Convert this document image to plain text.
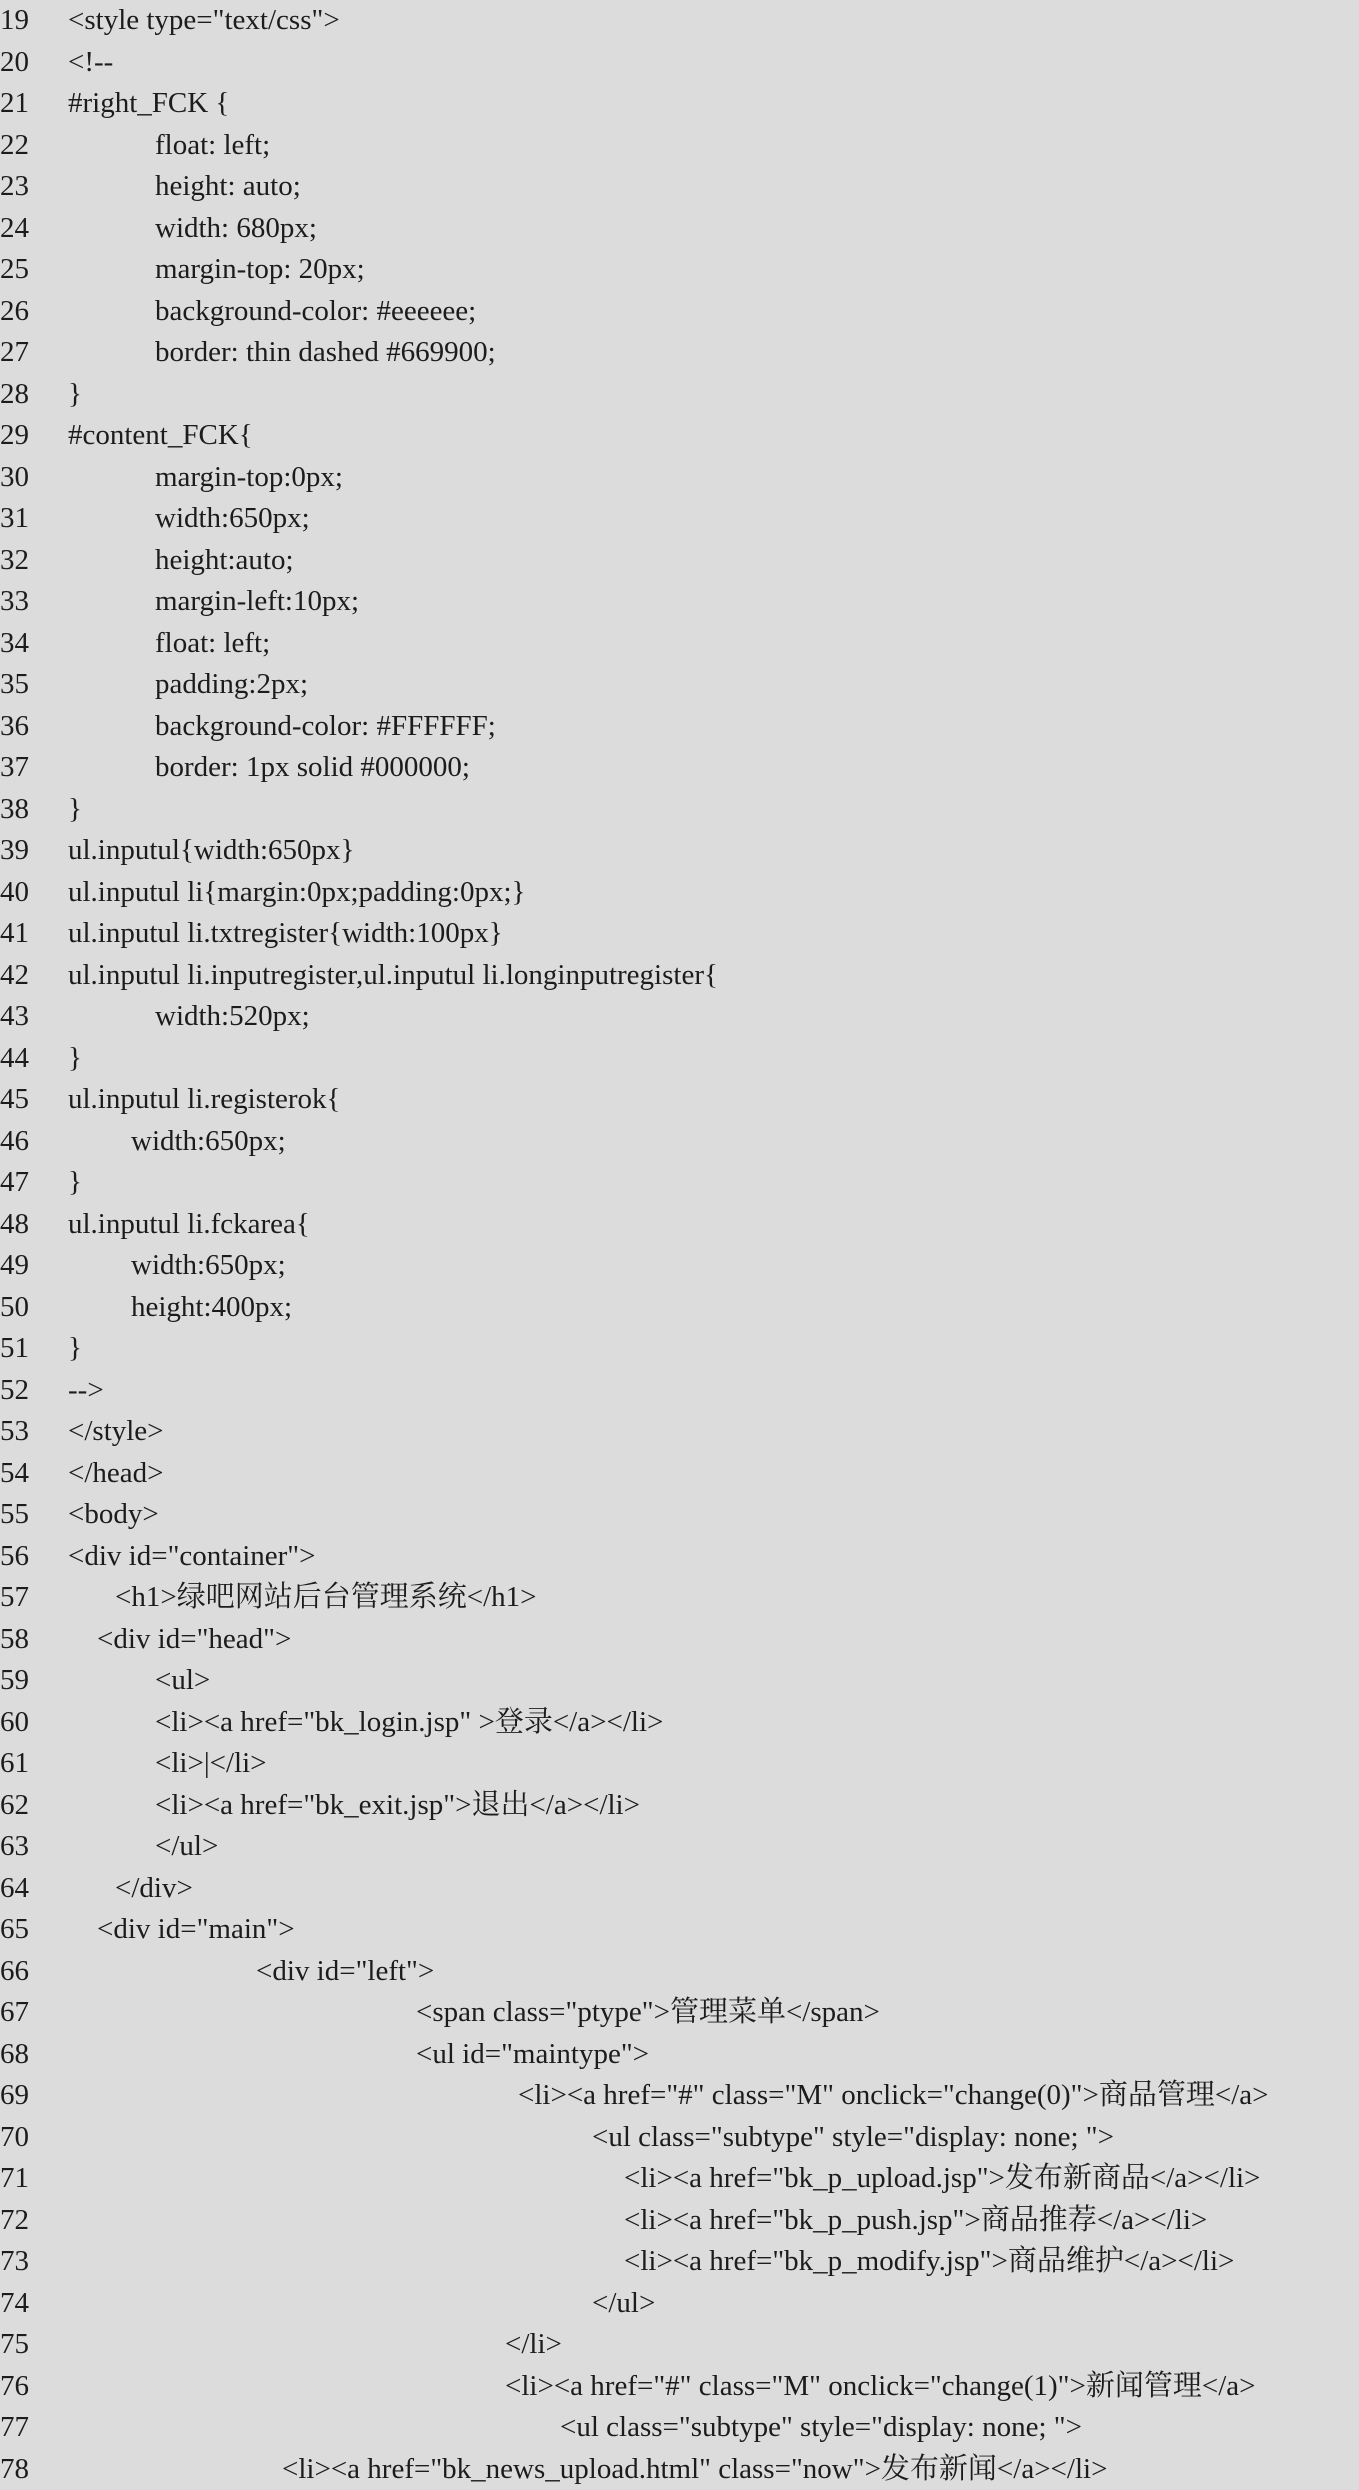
19	<style type="text/css">
20	<!--
21	#right_FCK {
22	float: left;
23	height: auto;
24	width: 680px;
25	margin-top: 20px;
26	background-color: #eeeeee;
27	border: thin dashed #669900;
28	}
29	#content_FCK{
30	margin-top:0px;
31	width:650px;
32	height:auto;
33	margin-left:10px;
34	float: left;
35	padding:2px;
36	background-color: #FFFFFF;
37	border: 1px solid #000000;
38	}
39	ul.inputul{width:650px}
40	ul.inputul li{margin:0px;padding:0px;}
41	ul.inputul li.txtregister{width:100px}
42	ul.inputul li.inputregister,ul.inputul li.longinputregister{
43	width:520px;
44	}
45	ul.inputul li.registerok{
46	width:650px;
47	}
48	ul.inputul li.fckarea{
49	width:650px;
50	height:400px;
51	}
52	-->
53	</style>
54	</head>
55	<body>
56	<div id="container">
57	<h1>绿吧网站后台管理系统</h1>
58	<div id="head">
59	<ul>
60	<li><a href="bk_login.jsp" >登录</a></li>
61	<li>|</li>
62	<li><a href="bk_exit.jsp">退出</a></li>
63	</ul>
64	</div>
65	<div id="main">
66	<div id="left">
67	<span class="ptype">管理菜单</span>
68	<ul id="maintype">
69	<li><a href="#" class="M" onclick="change(0)">商品管理</a>
70	<ul class="subtype" style="display: none; ">
71	<li><a href="bk_p_upload.jsp">发布新商品</a></li>
72	<li><a href="bk_p_push.jsp">商品推荐</a></li>
73	<li><a href="bk_p_modify.jsp">商品维护</a></li>
74	</ul>
75	</li>
76	<li><a href="#" class="M" onclick="change(1)">新闻管理</a>
77	<ul class="subtype" style="display: none; ">
78	<li><a href="bk_news_upload.html" class="now">发布新闻</a></li>
